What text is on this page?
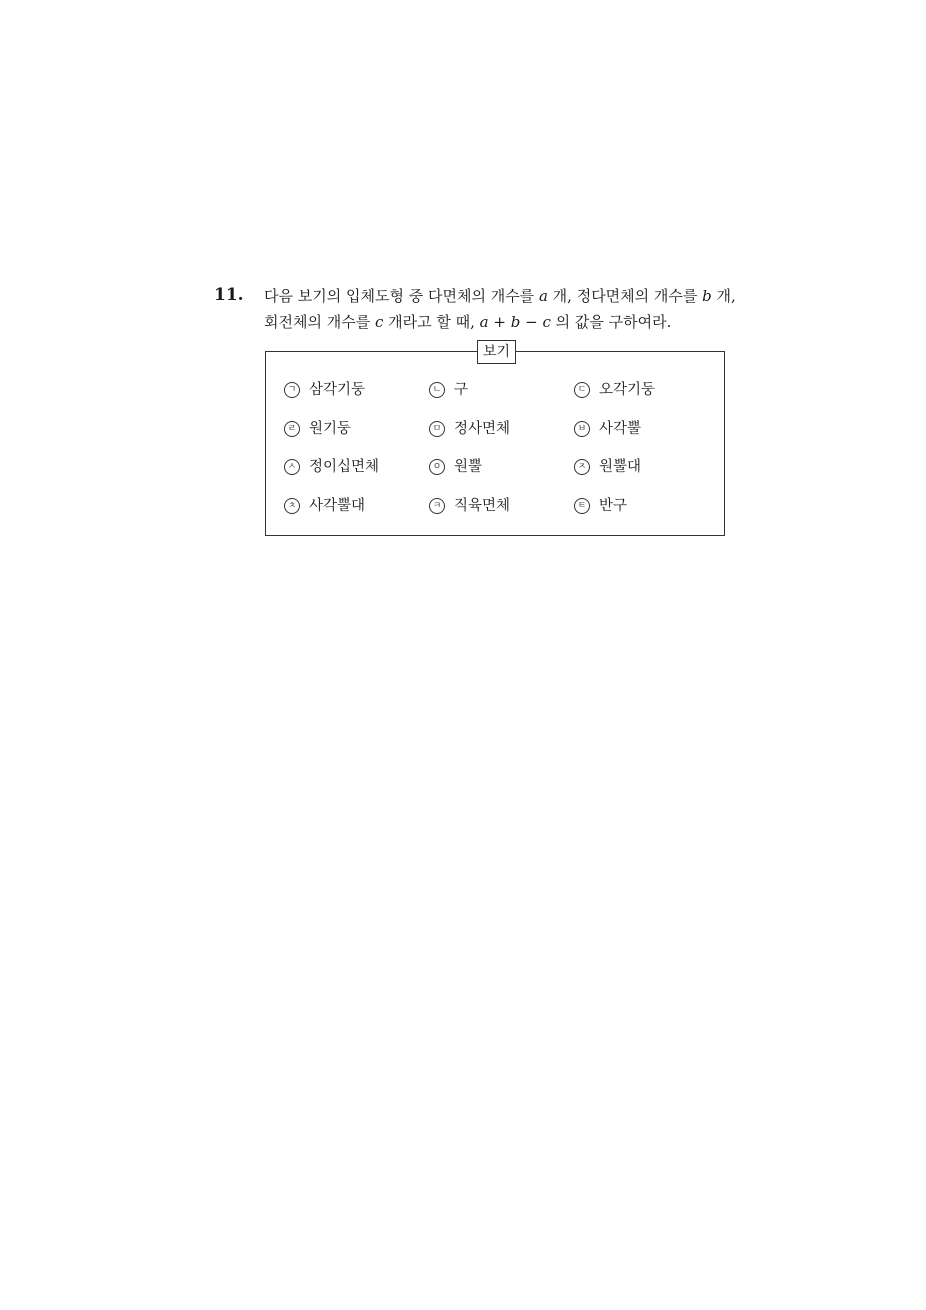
11. 다음 보기의 입체도형 중 다면체의 개수를 a 개, 정다면체의 개수를 b 개,
회전체의 개수를 c 개라고 할 때, a + b − c 의 값을 구하여라.
보기
ㄱ 삼각기둥	ㄴ 구	ㄷ 오각기둥
ㄹ 원기둥	ㅁ 정사면체	ㅂ 사각뿔
ㅅ 정이십면체	ㅇ 원뿔	ㅈ 원뿔대
ㅊ 사각뿔대	ㅋ 직육면체	ㅌ 반구
